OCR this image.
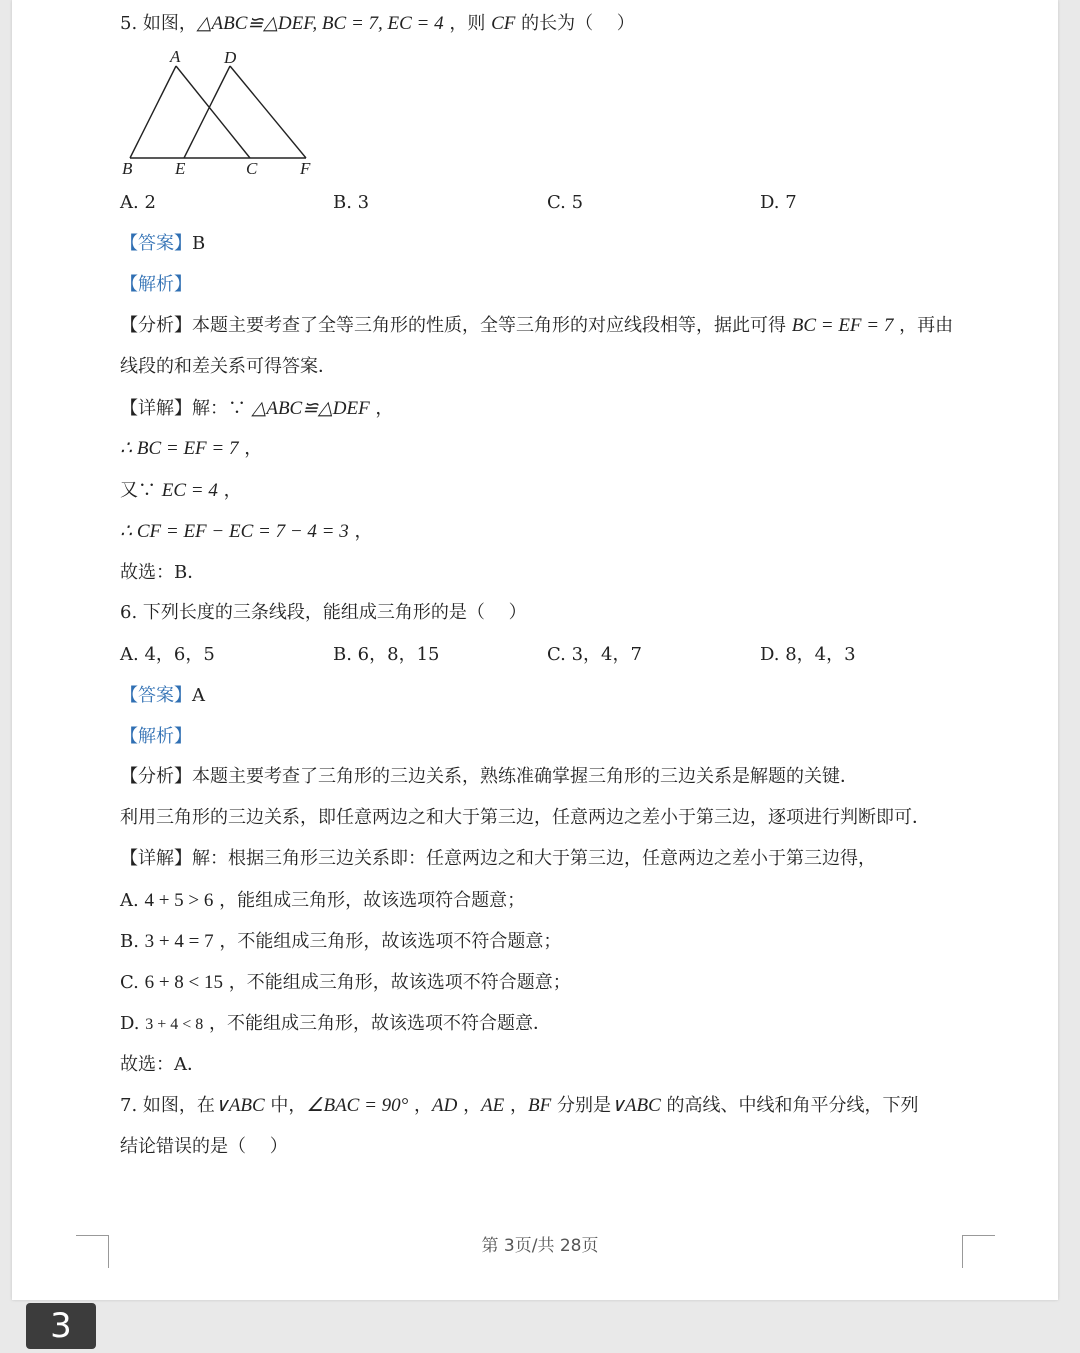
5. 如图，△ABC≌△DEF, BC = 7, EC = 4 ，则 CF 的长为（　 ）
A	D
B	E	C	F
A. 2	B. 3	C. 5	D. 7
【答案】B
【解析】
【分析】本题主要考查了全等三角形的性质，全等三角形的对应线段相等，据此可得 BC = EF = 7 ，再由
线段的和差关系可得答案．
【详解】解：∵ △ABC≌△DEF ，
∴ BC = EF = 7 ，
又∵ EC = 4 ，
∴ CF = EF − EC = 7 − 4 = 3 ，
故选：B．
6. 下列长度的三条线段，能组成三角形的是（　 ）
A. 4，6，5	B. 6，8，15	C. 3，4，7	D. 8，4，3
【答案】A
【解析】
【分析】本题主要考查了三角形的三边关系，熟练准确掌握三角形的三边关系是解题的关键．
利用三角形的三边关系，即任意两边之和大于第三边，任意两边之差小于第三边，逐项进行判断即可．
【详解】解：根据三角形三边关系即：任意两边之和大于第三边，任意两边之差小于第三边得，
A. 4 + 5 > 6 ，能组成三角形，故该选项符合题意；
B. 3 + 4 = 7 ，不能组成三角形，故该选项不符合题意；
C. 6 + 8 < 15 ，不能组成三角形，故该选项不符合题意；
D. 3 + 4 < 8 ，不能组成三角形，故该选项不符合题意．
故选：A．
7. 如图，在∨ABC 中，∠BAC = 90° ，AD ，AE ，BF 分别是∨ABC 的高线、中线和角平分线，下列
结论错误的是（　 ）
第 3页/共 28页
3
